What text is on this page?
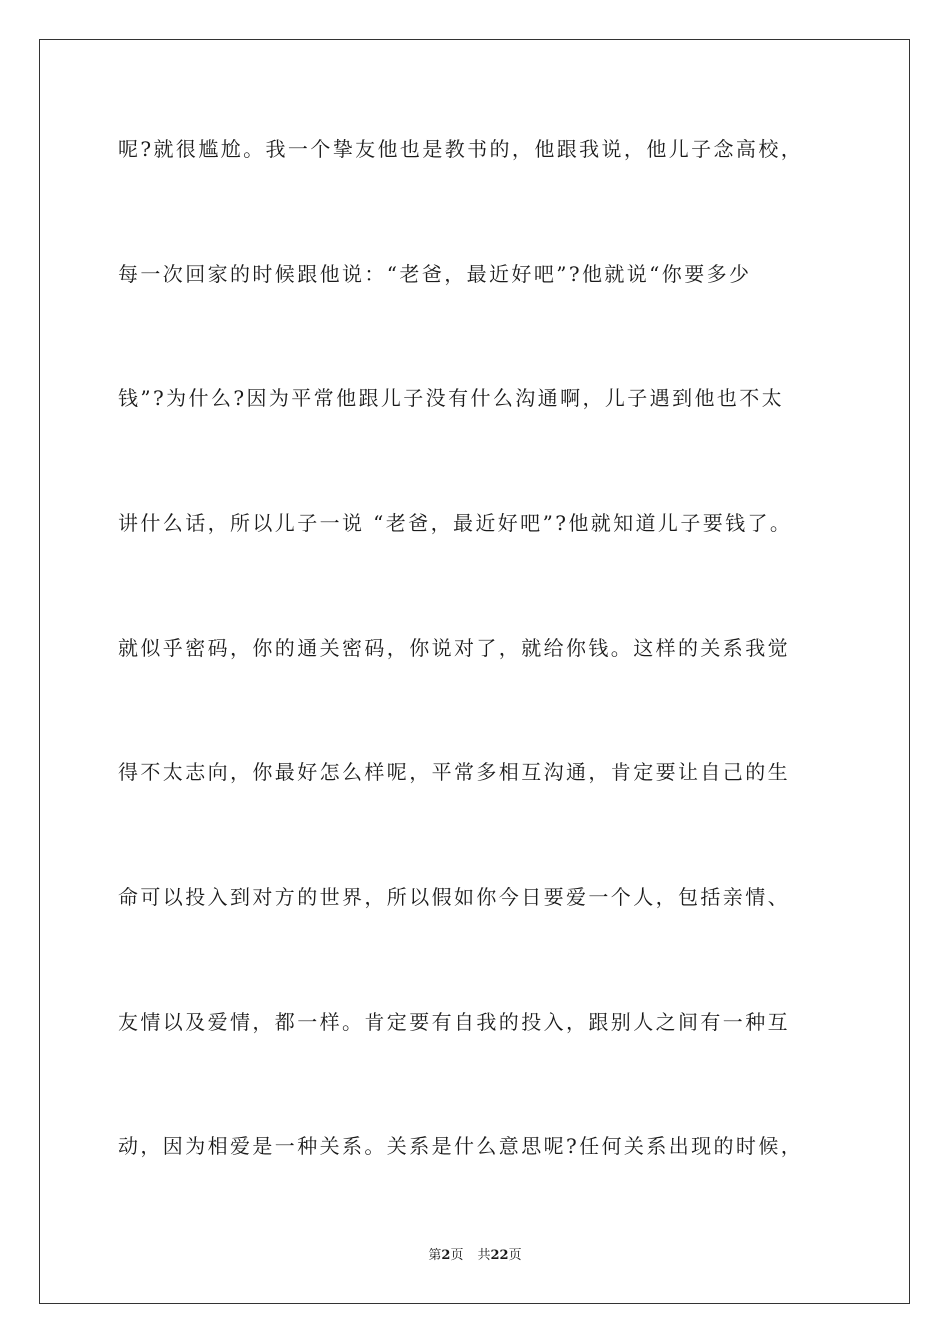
呢?就很尴尬。我一个挚友他也是教书的，他跟我说，他儿子念高校，
每一次回家的时候跟他说：“老爸，最近好吧”?他就说“你要多少
钱”?为什么?因为平常他跟儿子没有什么沟通啊，儿子遇到他也不太
讲什么话，所以儿子一说 “老爸，最近好吧”?他就知道儿子要钱了。
就似乎密码，你的通关密码，你说对了，就给你钱。这样的关系我觉
得不太志向，你最好怎么样呢，平常多相互沟通，肯定要让自己的生
命可以投入到对方的世界，所以假如你今日要爱一个人，包括亲情、
友情以及爱情，都一样。肯定要有自我的投入，跟别人之间有一种互
动，因为相爱是一种关系。关系是什么意思呢?任何关系出现的时候，
第2页 共22页
